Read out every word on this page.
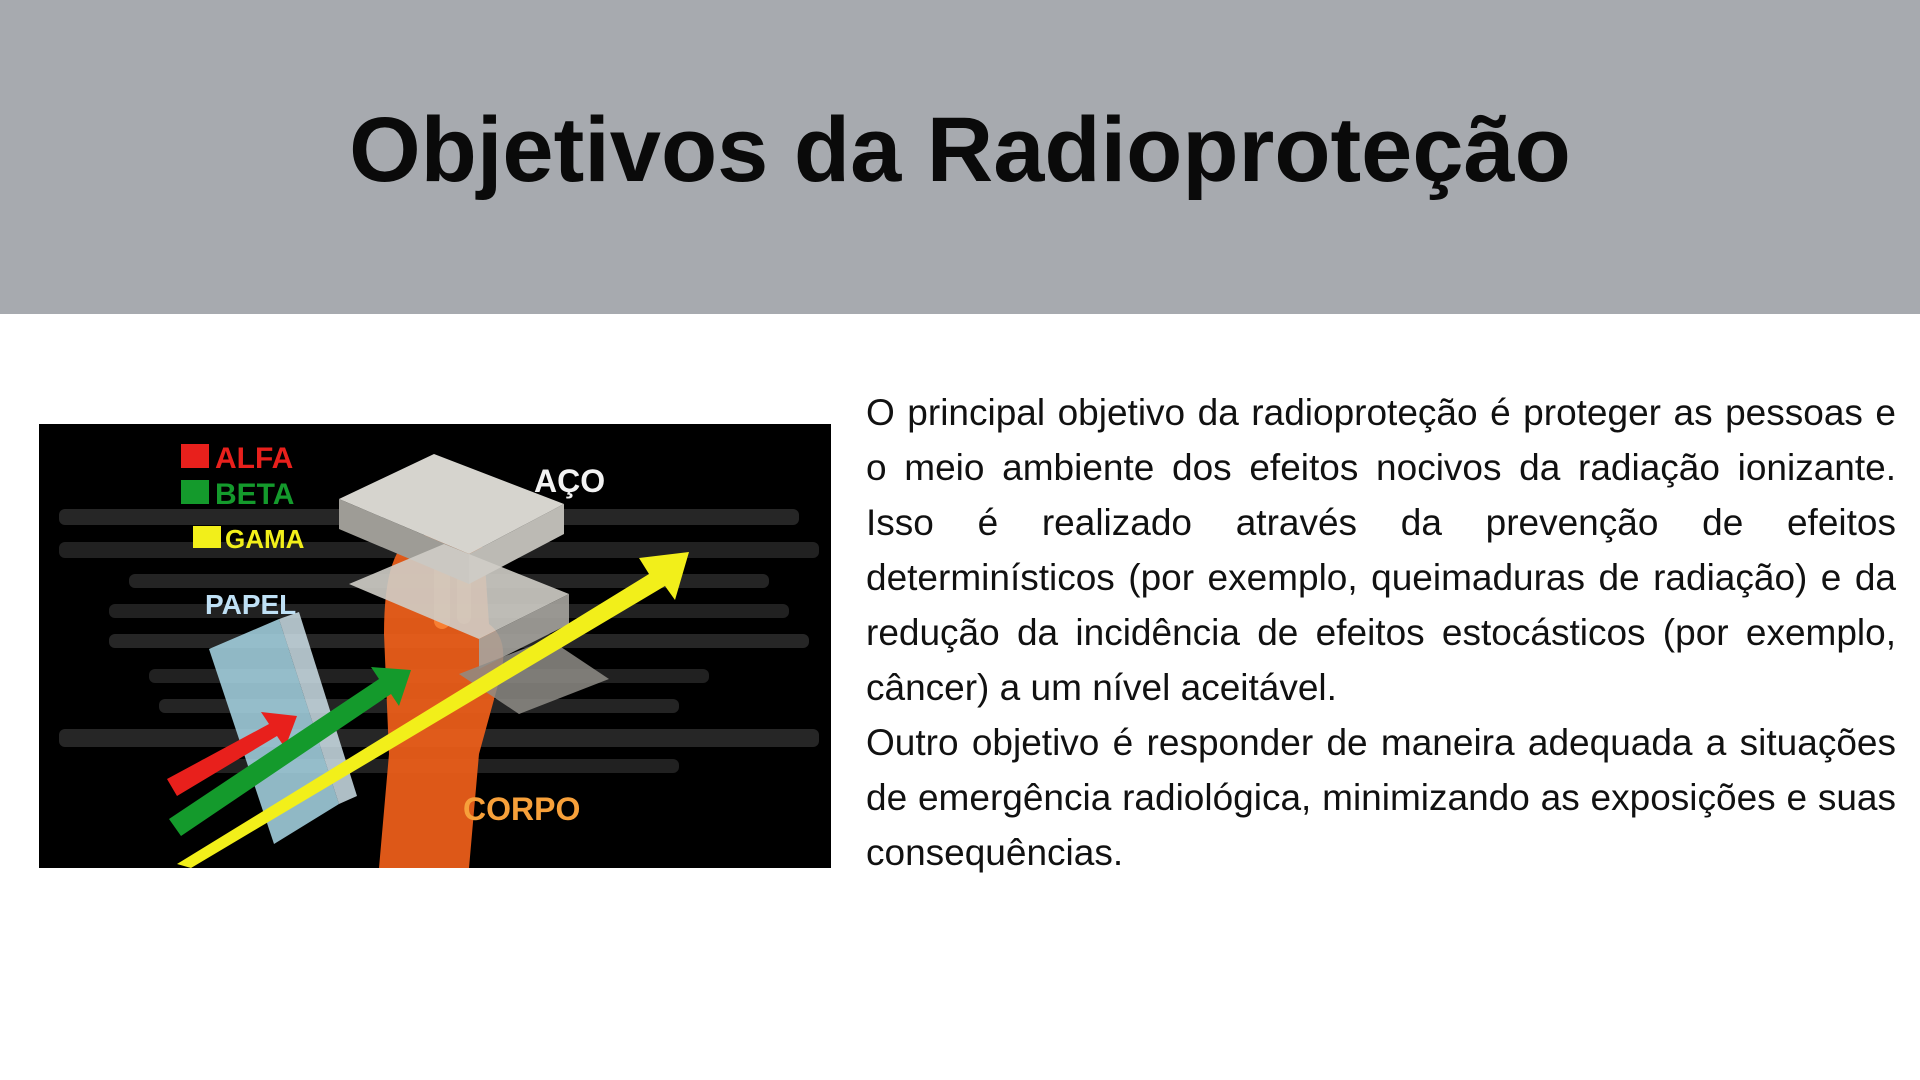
Objetivos da Radioproteção
ALFA
BETA
GAMA
PAPEL
CORPO
AÇO

O principal objetivo da radioproteção é proteger as pessoas e o meio ambiente dos efeitos nocivos da radiação ionizante. Isso é realizado através da prevenção de efeitos determinísticos (por exemplo, queimaduras de radiação) e da redução da incidência de efeitos estocásticos (por exemplo, câncer) a um nível aceitável.

Outro objetivo é responder de maneira adequada a situações de emergência radiológica, minimizando as exposições e suas consequências.
